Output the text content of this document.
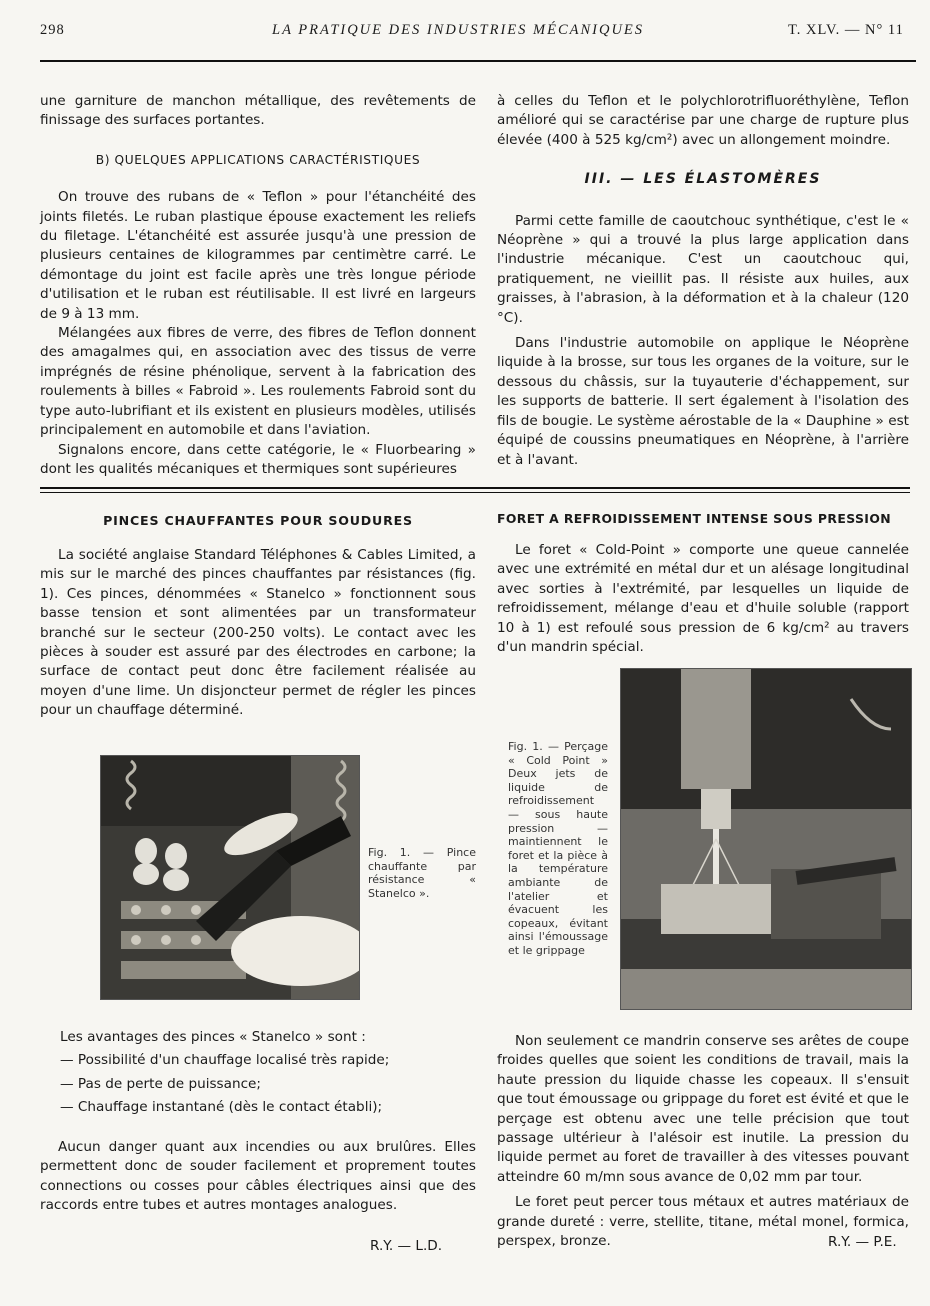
298	LA PRATIQUE DES INDUSTRIES MÉCANIQUES	T. XLV. — N° 11

une garniture de manchon métallique, des revêtements de finissage des surfaces portantes.

B) QUELQUES APPLICATIONS CARACTÉRISTIQUES

On trouve des rubans de « Teflon » pour l'étanchéité des joints filetés. Le ruban plastique épouse exactement les reliefs du filetage. L'étanchéité est assurée jusqu'à une pression de plusieurs centaines de kilogrammes par centimètre carré. Le démontage du joint est facile après une très longue période d'utilisation et le ruban est réutilisable. Il est livré en largeurs de 9 à 13 mm.

Mélangées aux fibres de verre, des fibres de Teflon donnent des amagalmes qui, en association avec des tissus de verre imprégnés de résine phénolique, servent à la fabrication des roulements à billes « Fabroid ». Les roulements Fabroid sont du type auto-lubrifiant et ils existent en plusieurs modèles, utilisés principalement en automobile et dans l'aviation.

Signalons encore, dans cette catégorie, le « Fluorbearing » dont les qualités mécaniques et thermiques sont supérieures

à celles du Teflon et le polychlorotrifluoréthylène, Teflon amélioré qui se caractérise par une charge de rupture plus élevée (400 à 525 kg/cm²) avec un allongement moindre.

III. — LES ÉLASTOMÈRES

Parmi cette famille de caoutchouc synthétique, c'est le « Néoprène » qui a trouvé la plus large application dans l'industrie mécanique. C'est un caoutchouc qui, pratiquement, ne vieillit pas. Il résiste aux huiles, aux graisses, à l'abrasion, à la déformation et à la chaleur (120 °C).

Dans l'industrie automobile on applique le Néoprène liquide à la brosse, sur tous les organes de la voiture, sur le dessous du châssis, sur la tuyauterie d'échappement, sur les supports de batterie. Il sert également à l'isolation des fils de bougie. Le système aérostable de la « Dauphine » est équipé de coussins pneumatiques en Néoprène, à l'arrière et à l'avant.

PINCES CHAUFFANTES POUR SOUDURES

La société anglaise Standard Téléphones & Cables Limited, a mis sur le marché des pinces chauffantes par résistances (fig. 1). Ces pinces, dénommées « Stanelco » fonctionnent sous basse tension et sont alimentées par un transformateur branché sur le secteur (200-250 volts). Le contact avec les pièces à souder est assuré par des électrodes en carbone; la surface de contact peut donc être facilement réalisée au moyen d'une lime. Un disjoncteur permet de régler les pinces pour un chauffage déterminé.

Fig. 1. — Pince chauffante par résistance « Stanelco ».

Les avantages des pinces « Stanelco » sont :

— Possibilité d'un chauffage localisé très rapide;

— Pas de perte de puissance;

— Chauffage instantané (dès le contact établi);

Aucun danger quant aux incendies ou aux brulûres. Elles permettent donc de souder facilement et proprement toutes connections ou cosses pour câbles électriques ainsi que des raccords entre tubes et autres montages analogues.

R.Y. — L.D.
FORET A REFROIDISSEMENT INTENSE SOUS PRESSION

Le foret « Cold-Point » comporte une queue cannelée avec une extrémité en métal dur et un alésage longitudinal avec sorties à l'extrémité, par lesquelles un liquide de refroidissement, mélange d'eau et d'huile soluble (rapport 10 à 1) est refoulé sous pression de 6 kg/cm² au travers d'un mandrin spécial.

Fig. 1. — Perçage « Cold Point » Deux jets de liquide de refroidissement — sous haute pression — maintiennent le foret et la pièce à la température ambiante de l'atelier et évacuent les copeaux, évitant ainsi l'émoussage et le grippage

Non seulement ce mandrin conserve ses arêtes de coupe froides quelles que soient les conditions de travail, mais la haute pression du liquide chasse les copeaux. Il s'ensuit que tout émoussage ou grippage du foret est évité et que le perçage est obtenu avec une telle précision que tout passage ultérieur à l'alésoir est inutile. La pression du liquide permet au foret de travailler à des vitesses pouvant atteindre 60 m/mn sous avance de 0,02 mm par tour.

Le foret peut percer tous métaux et autres matériaux de grande dureté : verre, stellite, titane, métal monel, formica, perspex, bronze.	R.Y. — P.E.
